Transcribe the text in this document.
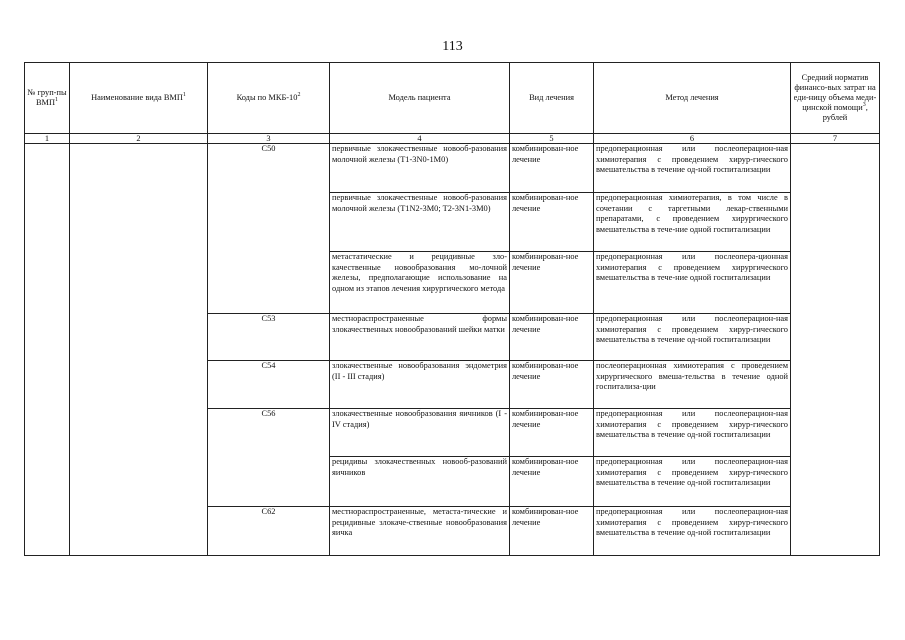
113
№ груп-пы ВМП$^1$	Наименование вида ВМП$^1$	Коды по МКБ-$10^2$	Модель пациента	Вид лечения	Метод лечения	Средний норматив финансо-вых затрат на еди-ницу объема меди-цинской помощи$^3$, рублей
1	2	3	4	5	6	7
		C50	первичные злокачественные новооб-разования молочной железы (T1-3N0-1M0)	комбинирован-ное лечение	предоперационная или послеоперацион-ная химиотерапия с проведением хирур-гического вмешательства в течение од-ной госпитализации	
			первичные злокачественные новооб-разования молочной железы (T1N2-3M0; T2-3N1-3M0)	комбинирован-ное лечение	предоперационная химиотерапия, в том числе в сочетании с таргетными лекар-ственными препаратами, с проведением хирургического вмешательства в тече-ние одной госпитализации	
			метастатические и рецидивные зло-качественные новообразования мо-лочной железы, предполагающие использование на одном из этапов лечения хирургического метода	комбинирован-ное лечение	предоперационная или послеопера-ционная химиотерапия с проведением хирургического вмешательства в тече-ние одной госпитализации	
		C53	местнораспространенные формы злокачественных новообразований шейки матки	комбинирован-ное лечение	предоперационная или послеоперацион-ная химиотерапия с проведением хирур-гического вмешательства в течение од-ной госпитализации	
		C54	злокачественные новообразования эндометрия (II - III стадия)	комбинирован-ное лечение	послеоперационная химиотерапия с проведением хирургического вмеша-тельства в течение одной госпитализа-ции	
		C56	злокачественные новообразования яичников (I - IV стадия)	комбинирован-ное лечение	предоперационная или послеоперацион-ная химиотерапия с проведением хирур-гического вмешательства в течение од-ной госпитализации	
			рецидивы злокачественных новооб-разований яичников	комбинирован-ное лечение	предоперационная или послеоперацион-ная химиотерапия с проведением хирур-гического вмешательства в течение од-ной госпитализации	
		C62	местнораспространенные, метаста-тические и рецидивные злокаче-ственные новообразования яичка	комбинирован-ное лечение	предоперационная или послеоперацион-ная химиотерапия с проведением хирур-гического вмешательства в течение од-ной госпитализации	
